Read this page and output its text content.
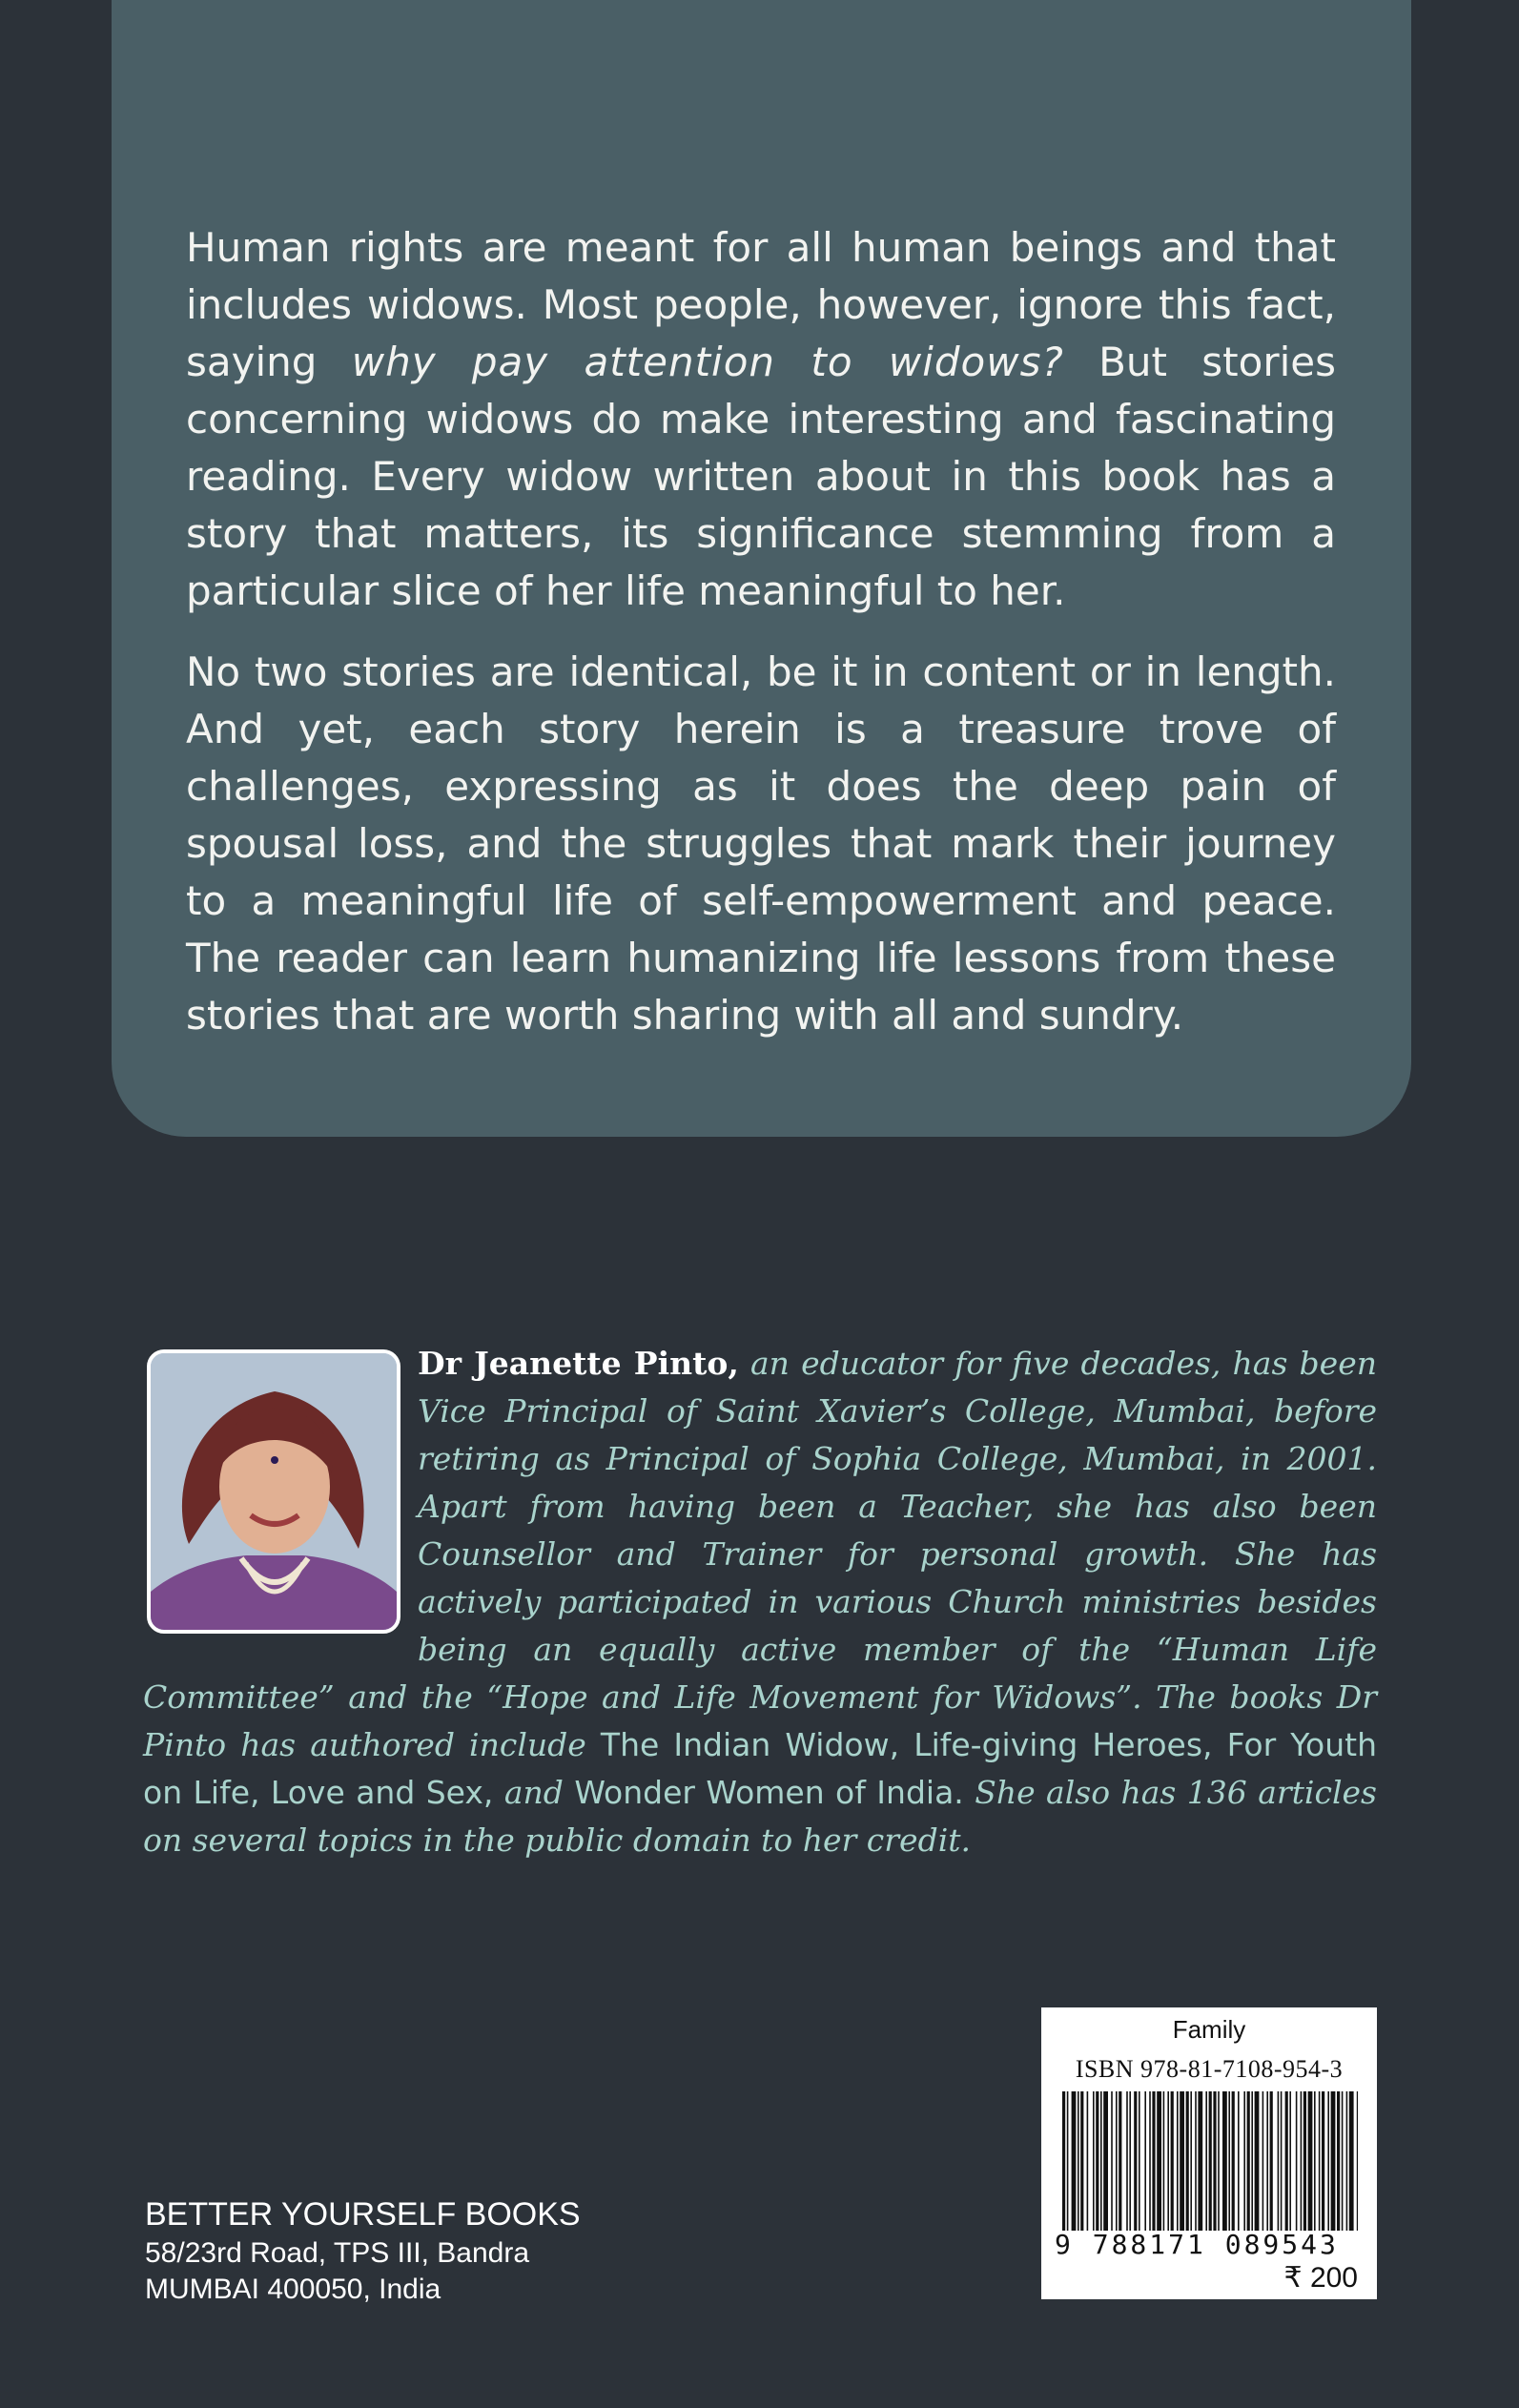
Human rights are meant for all human beings and that includes widows. Most people, however, ignore this fact, saying why pay attention to widows? But stories concerning widows do make interesting and fascinating reading. Every widow written about in this book has a story that matters, its significance stemming from a particular slice of her life meaningful to her.

No two stories are identical, be it in content or in length. And yet, each story herein is a treasure trove of challenges, expressing as it does the deep pain of spousal loss, and the struggles that mark their journey to a meaningful life of self-empowerment and peace. The reader can learn humanizing life lessons from these stories that are worth sharing with all and sundry.

Dr Jeanette Pinto, an educator for five decades, has been Vice Principal of Saint Xavier’s College, Mumbai, before retiring as Principal of Sophia College, Mumbai, in 2001. Apart from having been a Teacher, she has also been Counsellor and Trainer for personal growth. She has actively participated in various Church ministries besides being an equally active member of the “Human Life Committee” and the “Hope and Life Movement for Widows”. The books Dr Pinto has authored include The Indian Widow, Life-giving Heroes, For Youth on Life, Love and Sex, and Wonder Women of India. She also has 136 articles on several topics in the public domain to her credit.
BETTER YOURSELF BOOKS
58/23rd Road, TPS III, Bandra
MUMBAI 400050, India
Family
ISBN 978-81-7108-954-3
9 788171 089543
₹ 200
